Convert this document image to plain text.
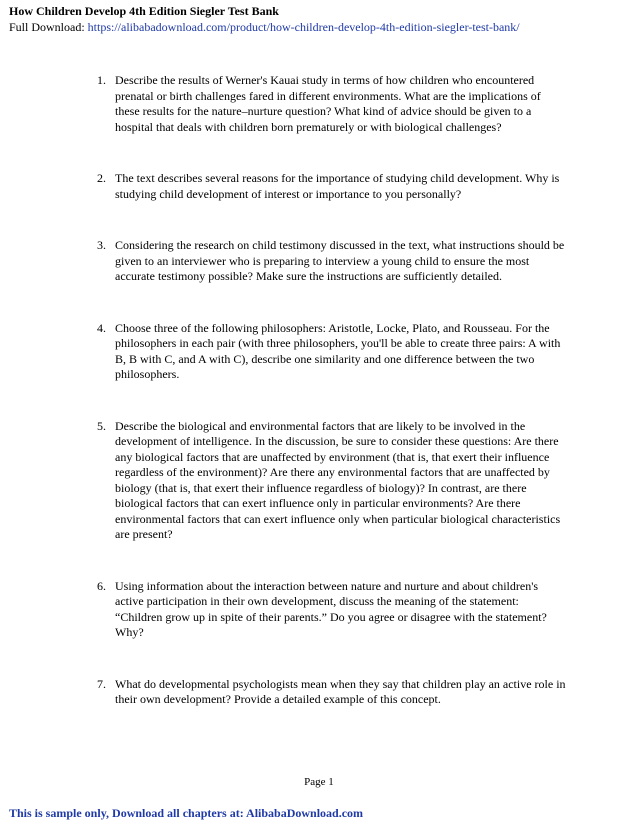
How Children Develop 4th Edition Siegler Test Bank
Full Download: https://alibabadownload.com/product/how-children-develop-4th-edition-siegler-test-bank/
1. Describe the results of Werner's Kauai study in terms of how children who encountered prenatal or birth challenges fared in different environments. What are the implications of these results for the nature–nurture question? What kind of advice should be given to a hospital that deals with children born prematurely or with biological challenges?
2. The text describes several reasons for the importance of studying child development. Why is studying child development of interest or importance to you personally?
3. Considering the research on child testimony discussed in the text, what instructions should be given to an interviewer who is preparing to interview a young child to ensure the most accurate testimony possible? Make sure the instructions are sufficiently detailed.
4. Choose three of the following philosophers: Aristotle, Locke, Plato, and Rousseau. For the philosophers in each pair (with three philosophers, you'll be able to create three pairs: A with B, B with C, and A with C), describe one similarity and one difference between the two philosophers.
5. Describe the biological and environmental factors that are likely to be involved in the development of intelligence. In the discussion, be sure to consider these questions: Are there any biological factors that are unaffected by environment (that is, that exert their influence regardless of the environment)? Are there any environmental factors that are unaffected by biology (that is, that exert their influence regardless of biology)? In contrast, are there biological factors that can exert influence only in particular environments? Are there environmental factors that can exert influence only when particular biological characteristics are present?
6. Using information about the interaction between nature and nurture and about children's active participation in their own development, discuss the meaning of the statement: “Children grow up in spite of their parents.” Do you agree or disagree with the statement? Why?
7. What do developmental psychologists mean when they say that children play an active role in their own development? Provide a detailed example of this concept.
Page 1
This is sample only, Download all chapters at: AlibabaDownload.com
